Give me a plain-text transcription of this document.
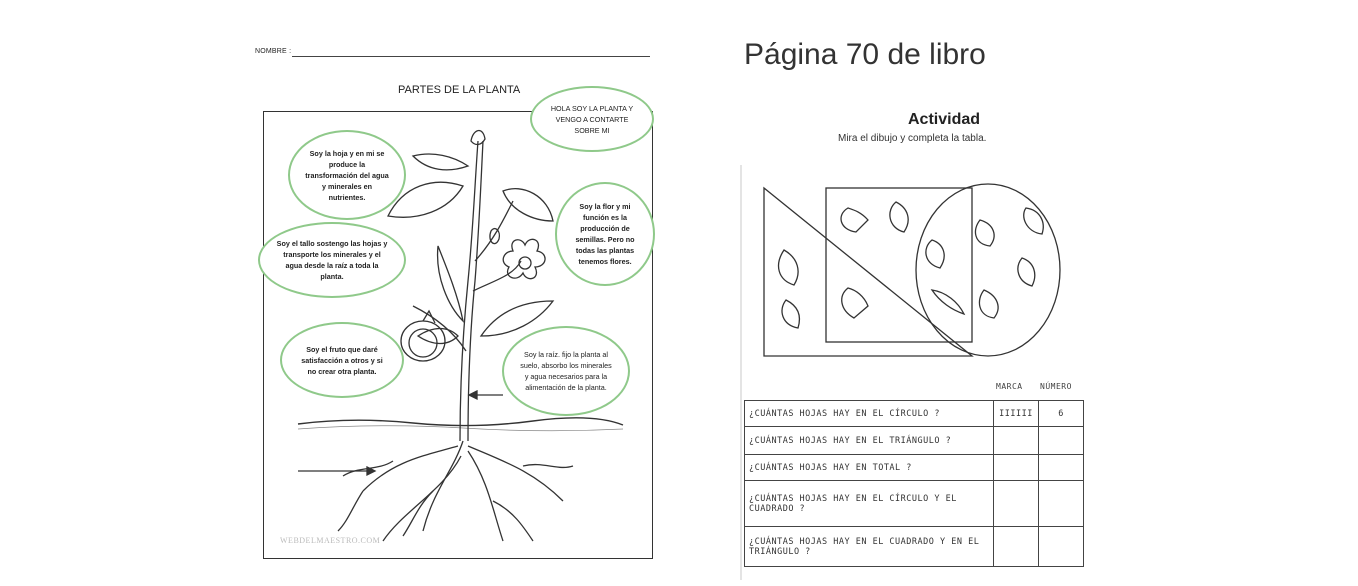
NOMBRE :
PARTES DE LA PLANTA
HOLA SOY LA PLANTA Y VENGO A CONTARTE SOBRE MI
Soy la hoja y en mi se produce la transformación del agua y minerales en nutrientes.
Soy la flor y mi función es la producción de semillas. Pero no todas las plantas tenemos flores.
Soy el tallo sostengo las hojas y transporte los minerales y el agua desde la raíz a toda la planta.
Soy el fruto que daré satisfacción a otros y si no crear otra planta.
Soy la raíz. fijo la planta al suelo, absorbo los minerales y agua necesarios para la alimentación de la planta.
WEBDELMAESTRO.COM
Página 70 de libro
Actividad
Mira el dibujo y completa la tabla.
MARCA NÚMERO
¿CUÁNTAS HOJAS HAY EN EL CÍRCULO ?	IIIIII	6
¿CUÁNTAS HOJAS HAY EN EL TRIÁNGULO ?		
¿CUÁNTAS HOJAS HAY EN TOTAL ?		
¿CUÁNTAS HOJAS HAY EN EL CÍRCULO Y EL CUADRADO ?		
¿CUÁNTAS HOJAS HAY EN EL CUADRADO Y EN EL TRIÁNGULO ?		
